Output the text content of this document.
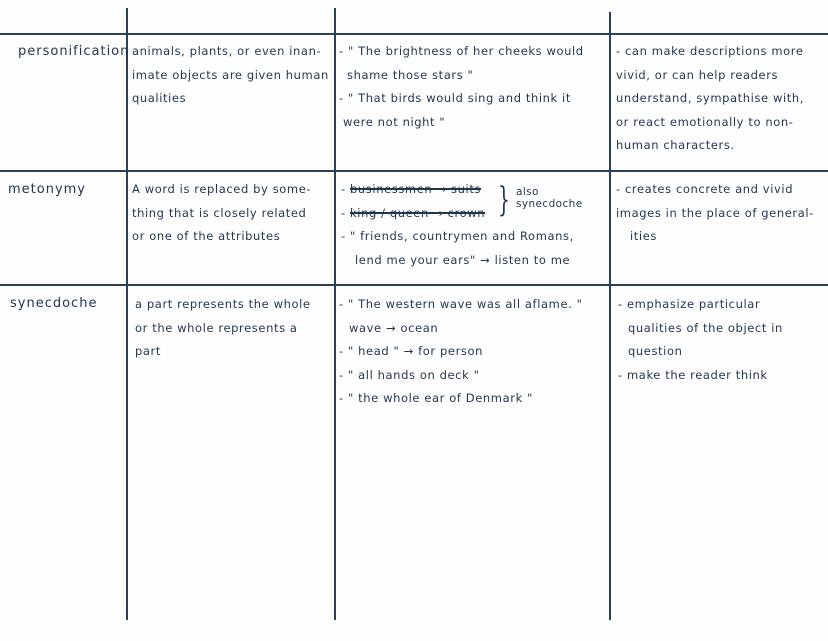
personification animals, plants, or even inan-
imate objects are given human
qualities
- " The brightness of her cheeks would
shame those stars "
- " That birds would sing and think it
were not night "
- can make descriptions more
vivid, or can help readers
understand, sympathise with,
or react emotionally to non-
human characters.
metonymy	A word is replaced by some-
thing that is closely related
or one of the attributes
- businessmen → suits
- king / queen → crown
- " friends, countrymen and Romans,
lend me your ears" → listen to me
} also
synecdoche
- creates concrete and vivid
images in the place of general-
ities
synecdoche	a part represents the whole
or the whole represents a
part
- " The western wave was all aflame. "
wave → ocean
- " head " → for person
- " all hands on deck "
- " the whole ear of Denmark "
- emphasize particular
qualities of the object in
question
- make the reader think
